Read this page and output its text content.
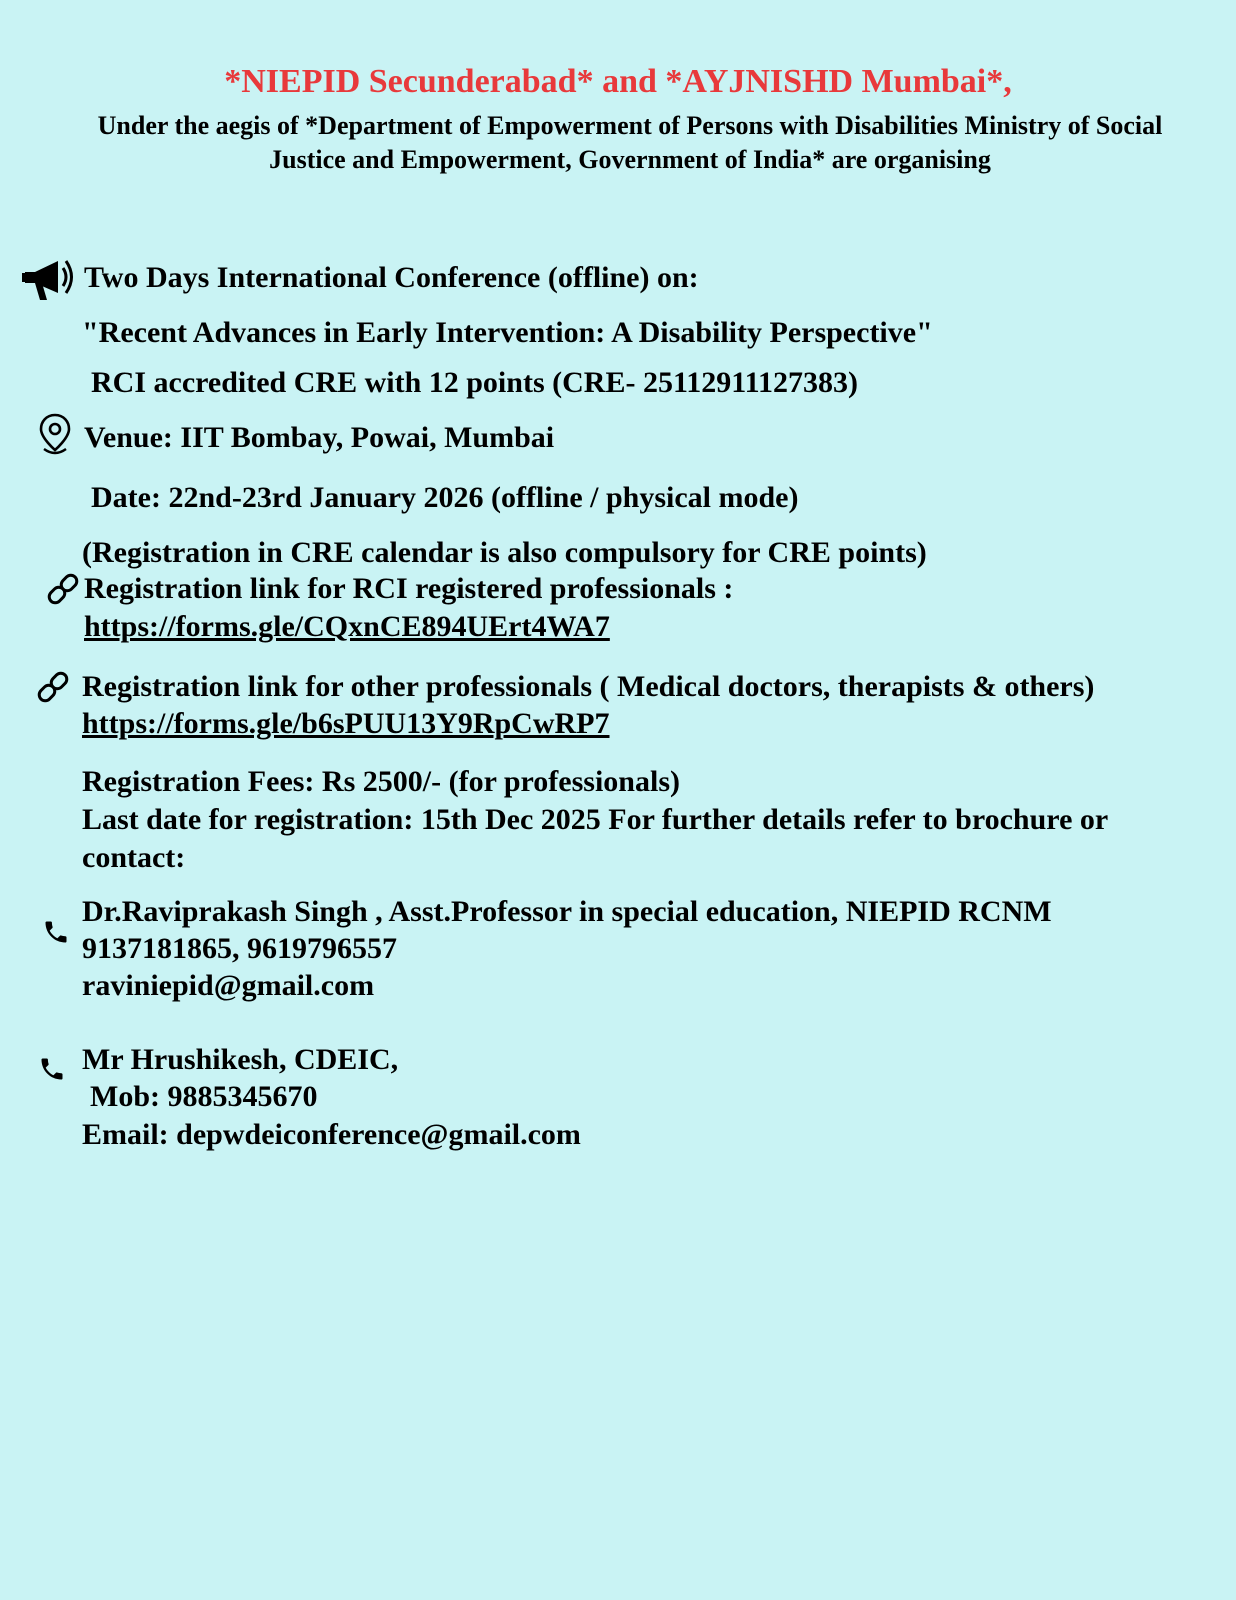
*NIEPID Secunderabad* and *AYJNISHD Mumbai*,
Under the aegis of *Department of Empowerment of Persons with Disabilities Ministry of Social
Justice and Empowerment, Government of India* are organising
Two Days International Conference (offline) on:
"Recent Advances in Early Intervention: A Disability Perspective"
RCI accredited CRE with 12 points (CRE- 25112911127383)
Venue: IIT Bombay, Powai, Mumbai
Date: 22nd-23rd January 2026 (offline / physical mode)
(Registration in CRE calendar is also compulsory for CRE points)
Registration link for RCI registered professionals :
https://forms.gle/CQxnCE894UErt4WA7
Registration link for other professionals ( Medical doctors, therapists & others)
https://forms.gle/b6sPUU13Y9RpCwRP7
Registration Fees: Rs 2500/- (for professionals)
Last date for registration: 15th Dec 2025 For further details refer to brochure or
contact:
Dr.Raviprakash Singh , Asst.Professor in special education, NIEPID RCNM
9137181865, 9619796557
raviniepid@gmail.com
Mr Hrushikesh, CDEIC,
Mob: 9885345670
Email: depwdeiconference@gmail.com
